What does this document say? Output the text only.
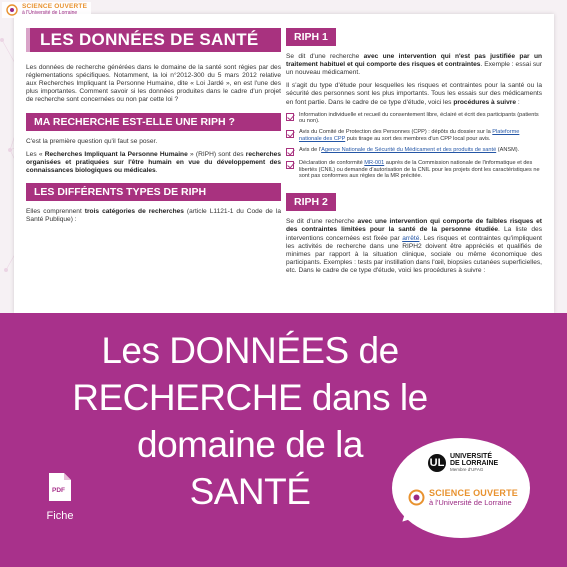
LES DONNÉES DE SANTÉ

Les données de recherche générées dans le domaine de la santé sont régies par des réglementations spécifiques. Notamment, la loi n°2012-300 du 5 mars 2012 relative aux Recherches Impliquant la Personne Humaine, dite « Loi Jardé », en est l'une des plus importantes. Comment savoir si les données produites dans le cadre d'un projet de recherche sont concernées ou non par cette loi ?

MA RECHERCHE EST-ELLE UNE RIPH ?

C'est la première question qu'il faut se poser.

Les « Recherches Impliquant la Personne Humaine » (RIPH) sont des recherches organisées et pratiquées sur l'être humain en vue du développement des connaissances biologiques ou médicales.

LES DIFFÉRENTS TYPES DE RIPH

Elles comprennent trois catégories de recherches (article L1121-1 du Code de la Santé Publique) :

RIPH 1

Se dit d'une recherche avec une intervention qui n'est pas justifiée par un traitement habituel et qui comporte des risques et contraintes. Exemple : essai sur un nouveau médicament.

Il s'agit du type d'étude pour lesquelles les risques et contraintes pour la santé ou la sécurité des personnes sont les plus importants. Tous les essais sur des médicaments en font partie. Dans le cadre de ce type d'étude, voici les procédures à suivre :

Information individuelle et recueil du consentement libre, éclairé et écrit des participants (patients ou non).
Avis du Comité de Protection des Personnes (CPP) : dépôts du dossier sur la Plateforme nationale des CPP puis tirage au sort des membres d'un CPP local pour avis.
Avis de l'Agence Nationale de Sécurité du Médicament et des produits de santé (ANSM).
Déclaration de conformité MR-001 auprès de la Commission nationale de l'informatique et des libertés (CNIL) ou demande d'autorisation de la CNIL pour les projets dont les caractéristiques ne sont pas conformes aux règles de la MR précitée.
RIPH 2

Se dit d'une recherche avec une intervention qui comporte de faibles risques et des contraintes limitées pour la santé de la personne étudiée. La liste des interventions concernées est fixée par arrêté. Les risques et contraintes qu'impliquent les activités de recherche dans une RIPH2 doivent être appréciés et qualifiés de minimes par rapport à la situation clinique, sociale ou même économique des participants. Exemples : tests par instillation dans l'œil, biopsies cutanées superficielles, etc. Dans le cadre de ce type d'étude, voici les procédures à suivre :

SCIENCE OUVERTE
à l'Université de Lorraine
Les DONNÉES de
RECHERCHE dans le
domaine de la
SANTÉ
PDF
Fiche
UL
UNIVERSITÉ
DE LORRAINE
Membre d'UFAG
SCIENCE OUVERTE
à l'Université de Lorraine
